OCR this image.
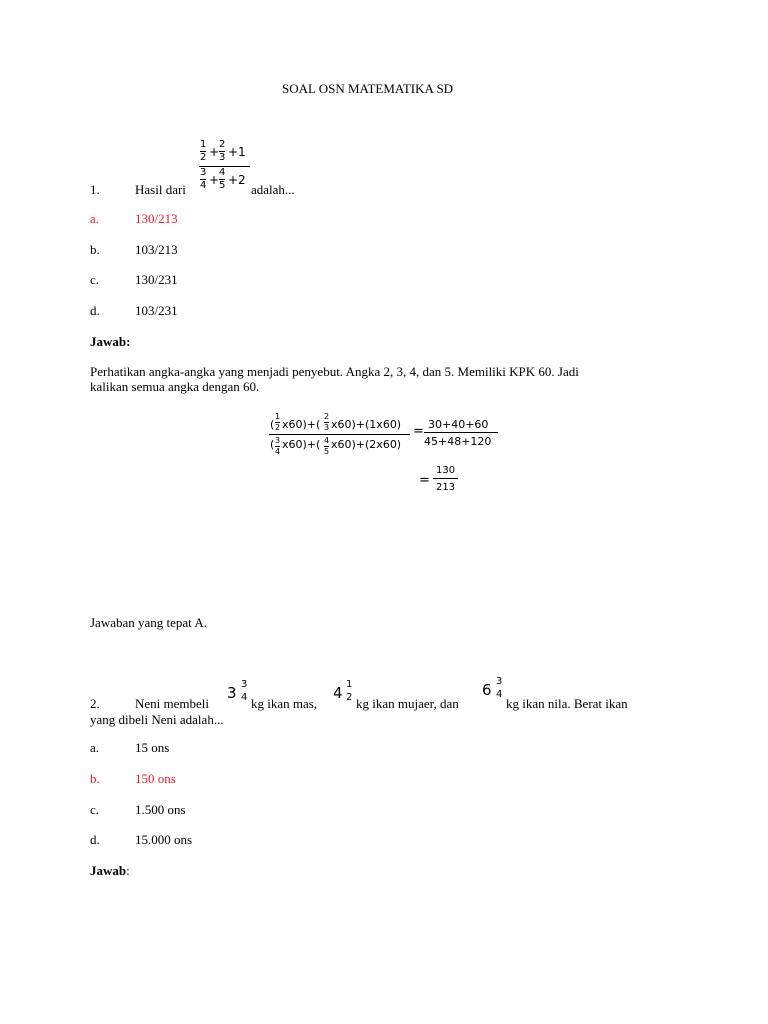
SOAL OSN MATEMATIKA SD
1.	Hasil dari
1
2 +
2
3 +1
3
4 +
4
5 +2
adalah...
a.	130/213
b.	103/213
c.	130/231
d.	103/231
Jawab:
Perhatikan angka-angka yang menjadi penyebut. Angka 2, 3, 4, dan 5. Memiliki KPK 60. Jadi
kalikan semua angka dengan 60.
(
1
2 x60)+(
2
3 x60)+(1x60)
( 3
4
x60)+( 4
5
x60)+(2x60)
= 30+40+60
45+48+120
=
130
213
Jawaban yang tepat A.
2.	Neni membeli
3 3
4 kg ikan mas,
4 1
2 kg ikan mujaer, dan
6 3
4
kg ikan nila. Berat ikan
yang dibeli Neni adalah...
a.	15 ons
b.	150 ons
c.	1.500 ons
d.	15.000 ons
Jawab:
